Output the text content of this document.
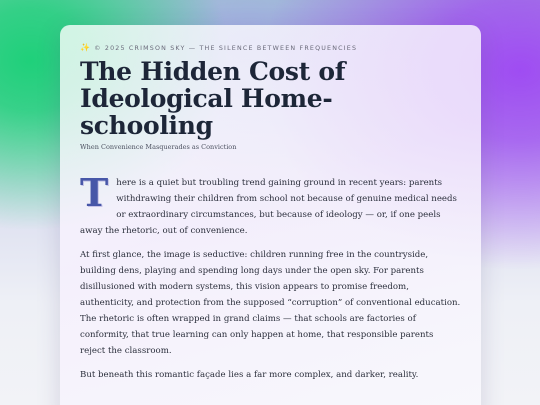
✨ © 2025 CRIMSON SKY — THE SILENCE BETWEEN FREQUENCIES
The Hidden Cost of Ideological Home-schooling
When Convenience Masquerades as Conviction

T here is a quiet but troubling trend gaining ground in recent years: parents withdrawing their children from school not because of genuine medical needs or extraordinary circumstances, but because of ideology — or, if one peels away the rhetoric, out of convenience.

At first glance, the image is seductive: children running free in the countryside, building dens, playing and spending long days under the open sky. For parents disillusioned with modern systems, this vision appears to promise freedom, authenticity, and protection from the supposed “corruption” of conventional education. The rhetoric is often wrapped in grand claims — that schools are factories of conformity, that true learning can only happen at home, that responsible parents reject the classroom.

But beneath this romantic façade lies a far more complex, and darker, reality.
